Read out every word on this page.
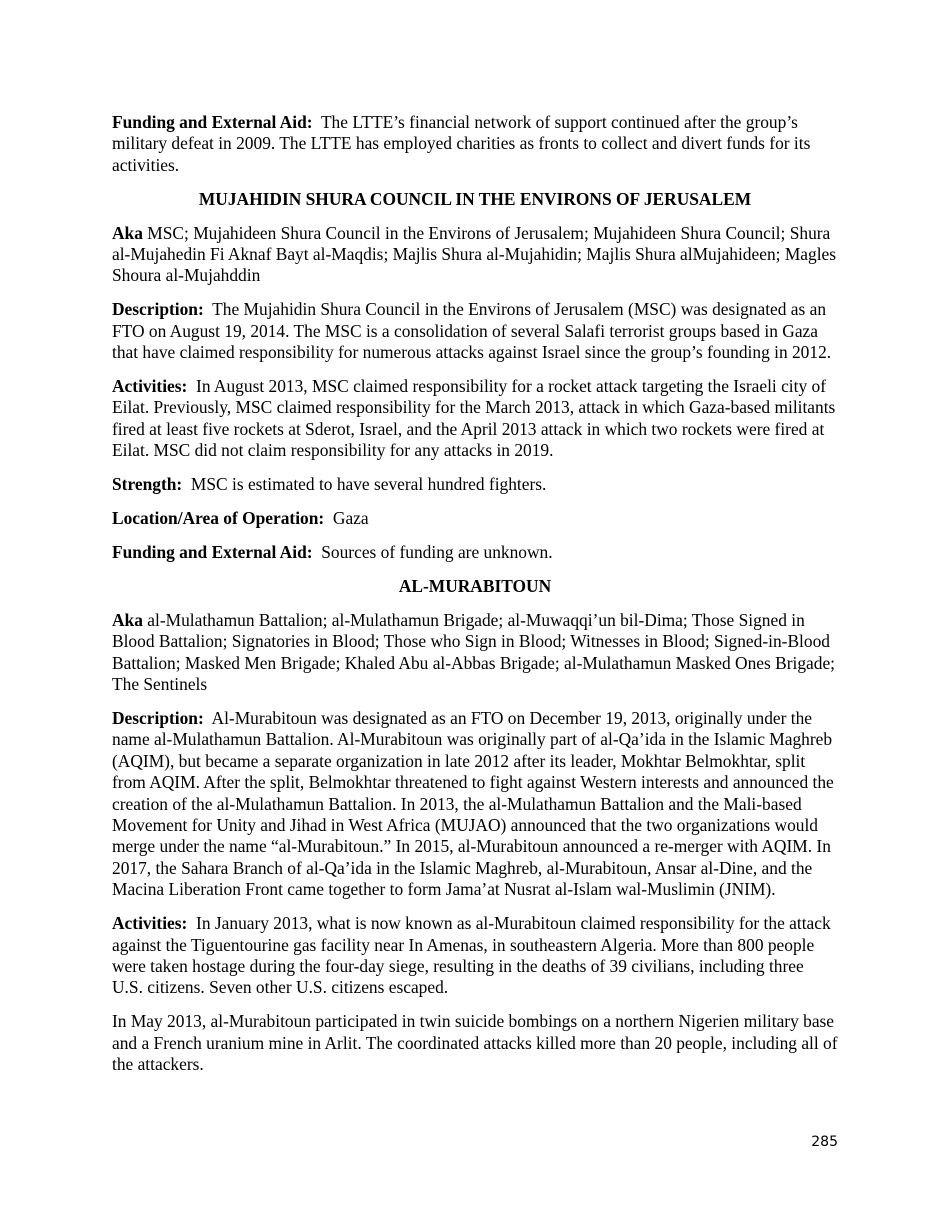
Funding and External Aid: The LTTE’s financial network of support continued after the group’s military defeat in 2009. The LTTE has employed charities as fronts to collect and divert funds for its activities.

MUJAHIDIN SHURA COUNCIL IN THE ENVIRONS OF JERUSALEM

Aka MSC; Mujahideen Shura Council in the Environs of Jerusalem; Mujahideen Shura Council; Shura al-Mujahedin Fi Aknaf Bayt al-Maqdis; Majlis Shura al-Mujahidin; Majlis Shura alMujahideen; Magles Shoura al-Mujahddin

Description: The Mujahidin Shura Council in the Environs of Jerusalem (MSC) was designated as an FTO on August 19, 2014. The MSC is a consolidation of several Salafi terrorist groups based in Gaza that have claimed responsibility for numerous attacks against Israel since the group’s founding in 2012.

Activities: In August 2013, MSC claimed responsibility for a rocket attack targeting the Israeli city of Eilat. Previously, MSC claimed responsibility for the March 2013, attack in which Gaza-based militants fired at least five rockets at Sderot, Israel, and the April 2013 attack in which two rockets were fired at Eilat. MSC did not claim responsibility for any attacks in 2019.

Strength: MSC is estimated to have several hundred fighters.

Location/Area of Operation: Gaza

Funding and External Aid: Sources of funding are unknown.

AL-MURABITOUN

Aka al-Mulathamun Battalion; al-Mulathamun Brigade; al-Muwaqqi’un bil-Dima; Those Signed in Blood Battalion; Signatories in Blood; Those who Sign in Blood; Witnesses in Blood; Signed-in-Blood Battalion; Masked Men Brigade; Khaled Abu al-Abbas Brigade; al-Mulathamun Masked Ones Brigade; The Sentinels

Description: Al-Murabitoun was designated as an FTO on December 19, 2013, originally under the name al-Mulathamun Battalion. Al-Murabitoun was originally part of al-Qa’ida in the Islamic Maghreb (AQIM), but became a separate organization in late 2012 after its leader, Mokhtar Belmokhtar, split from AQIM. After the split, Belmokhtar threatened to fight against Western interests and announced the creation of the al-Mulathamun Battalion. In 2013, the al-Mulathamun Battalion and the Mali-based Movement for Unity and Jihad in West Africa (MUJAO) announced that the two organizations would merge under the name “al-Murabitoun.” In 2015, al-Murabitoun announced a re-merger with AQIM. In 2017, the Sahara Branch of al-Qa’ida in the Islamic Maghreb, al-Murabitoun, Ansar al-Dine, and the Macina Liberation Front came together to form Jama’at Nusrat al-Islam wal-Muslimin (JNIM).

Activities: In January 2013, what is now known as al-Murabitoun claimed responsibility for the attack against the Tiguentourine gas facility near In Amenas, in southeastern Algeria. More than 800 people were taken hostage during the four-day siege, resulting in the deaths of 39 civilians, including three U.S. citizens. Seven other U.S. citizens escaped.

In May 2013, al-Murabitoun participated in twin suicide bombings on a northern Nigerien military base and a French uranium mine in Arlit. The coordinated attacks killed more than 20 people, including all of the attackers.

285
